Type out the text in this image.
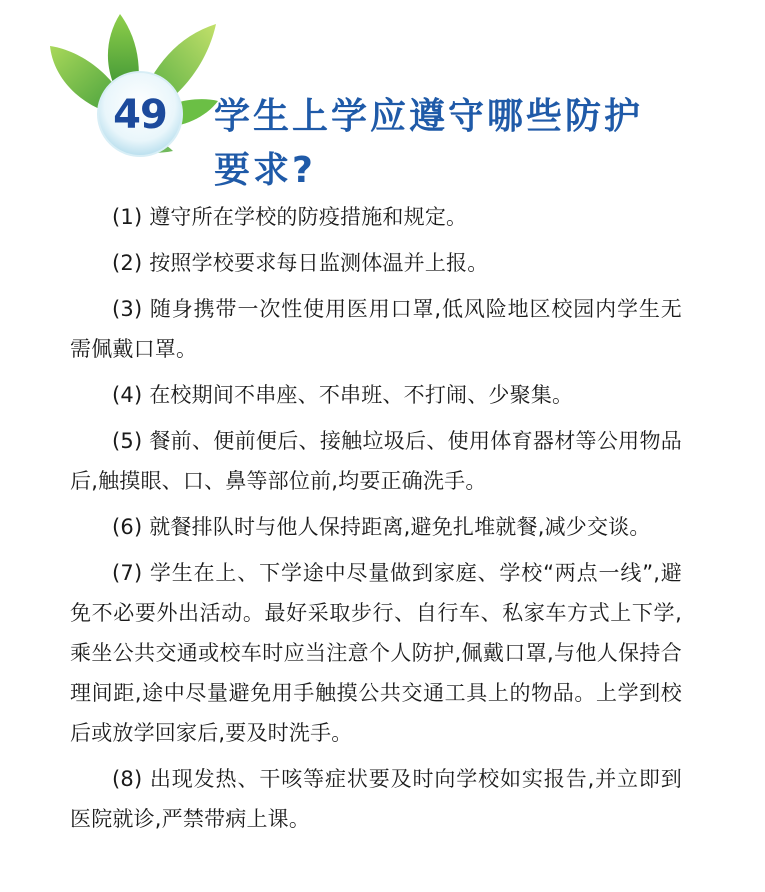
49	学生上学应遵守哪些防护
要求?

(1) 遵守所在学校的防疫措施和规定。

(2) 按照学校要求每日监测体温并上报。

(3) 随身携带一次性使用医用口罩,低风险地区校园内学生无需佩戴口罩。

(4) 在校期间不串座、不串班、不打闹、少聚集。

(5) 餐前、便前便后、接触垃圾后、使用体育器材等公用物品后,触摸眼、口、鼻等部位前,均要正确洗手。

(6) 就餐排队时与他人保持距离,避免扎堆就餐,减少交谈。

(7) 学生在上、下学途中尽量做到家庭、学校“两点一线”,避免不必要外出活动。最好采取步行、自行车、私家车方式上下学,乘坐公共交通或校车时应当注意个人防护,佩戴口罩,与他人保持合理间距,途中尽量避免用手触摸公共交通工具上的物品。上学到校后或放学回家后,要及时洗手。

(8) 出现发热、干咳等症状要及时向学校如实报告,并立即到医院就诊,严禁带病上课。
